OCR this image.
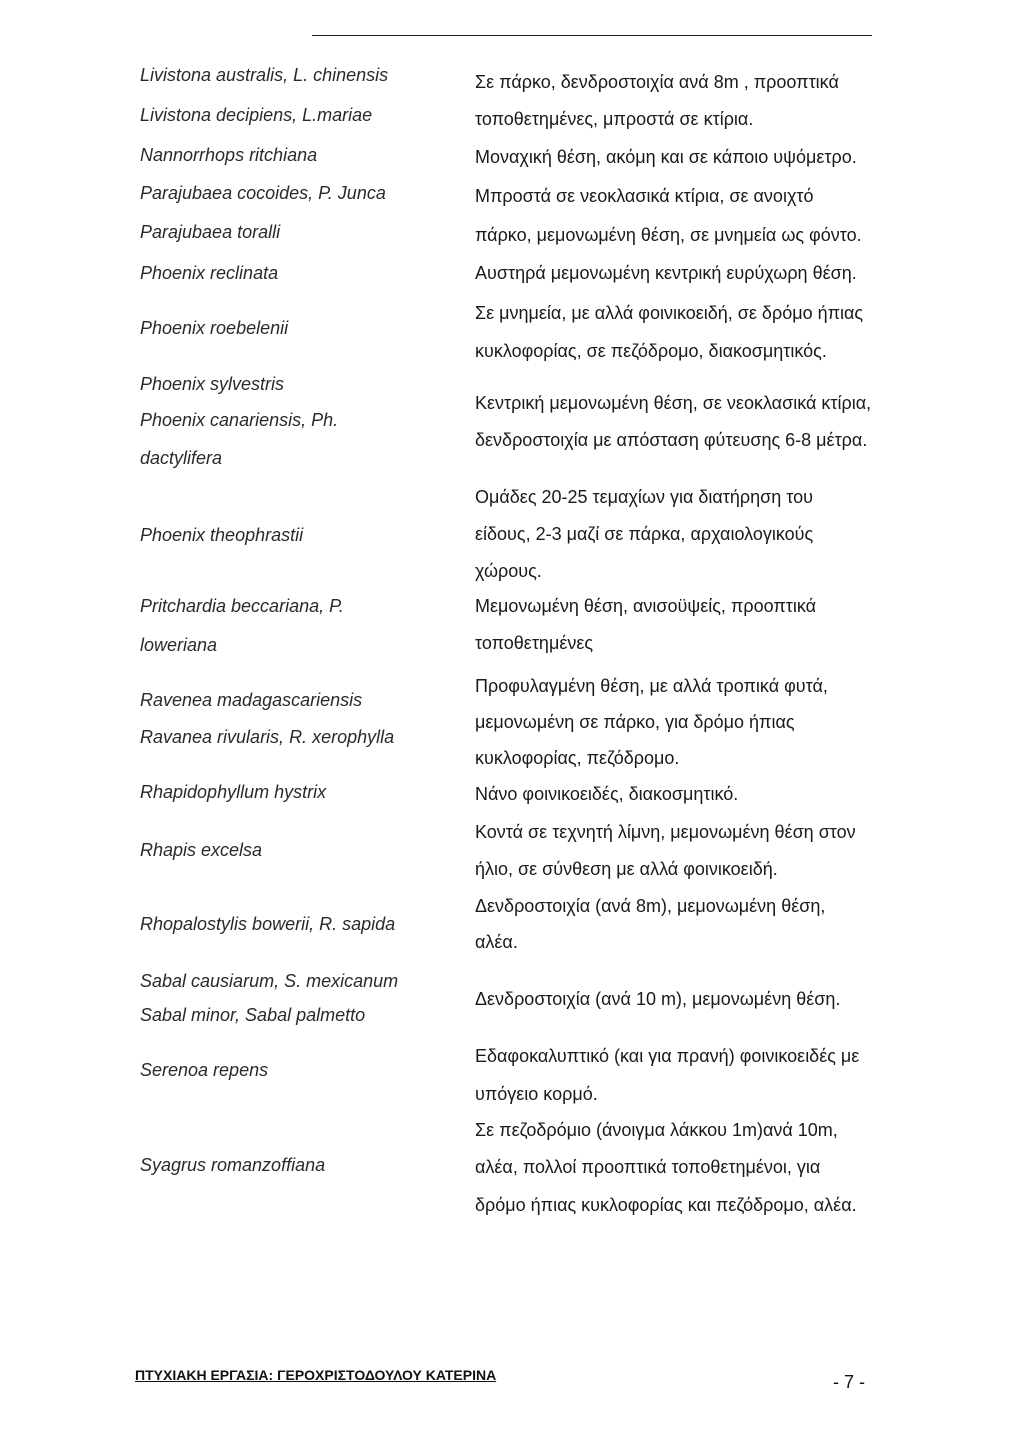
Livistona australis, L. chinensis
Livistona decipiens, L.mariae
Nannorrhops ritchiana
Parajubaea cocoides, P. Junca
Parajubaea toralli
Phoenix reclinata
Phoenix roebelenii
Phoenix sylvestris
Phoenix canariensis, Ph.
dactylifera
Phoenix theophrastii
Pritchardia beccariana, P.
loweriana
Ravenea madagascariensis
Ravanea rivularis, R. xerophylla
Rhapidophyllum hystrix
Rhapis excelsa
Rhopalostylis bowerii, R. sapida
Sabal causiarum, S. mexicanum
Sabal minor, Sabal palmetto
Serenoa repens
Syagrus romanzoffiana
Σε πάρκο, δενδροστοιχία ανά 8m , προοπτικά
τοποθετημένες, μπροστά σε κτίρια.
Μοναχική θέση, ακόμη και σε κάποιο υψόμετρο.
Μπροστά σε νεοκλασικά κτίρια, σε ανοιχτό
πάρκο, μεμονωμένη θέση, σε μνημεία ως φόντο.
Αυστηρά μεμονωμένη κεντρική ευρύχωρη θέση.
Σε μνημεία, με αλλά φοινικοειδή, σε δρόμο ήπιας
κυκλοφορίας, σε πεζόδρομο, διακοσμητικός.
Κεντρική μεμονωμένη θέση, σε νεοκλασικά κτίρια,
δενδροστοιχία με απόσταση φύτευσης 6-8 μέτρα.
Ομάδες 20-25 τεμαχίων για διατήρηση του
είδους, 2-3 μαζί σε πάρκα, αρχαιολογικούς
χώρους.
Μεμονωμένη θέση, ανισοϋψείς, προοπτικά
τοποθετημένες
Προφυλαγμένη θέση, με αλλά τροπικά φυτά,
μεμονωμένη σε πάρκο, για δρόμο ήπιας
κυκλοφορίας, πεζόδρομο.
Νάνο φοινικοειδές, διακοσμητικό.
Κοντά σε τεχνητή λίμνη, μεμονωμένη θέση στον
ήλιο, σε σύνθεση με αλλά φοινικοειδή.
Δενδροστοιχία (ανά 8m), μεμονωμένη θέση,
αλέα.
Δενδροστοιχία (ανά 10 m), μεμονωμένη θέση.
Εδαφοκαλυπτικό (και για πρανή) φοινικοειδές με
υπόγειο κορμό.
Σε πεζοδρόμιο (άνοιγμα λάκκου 1m)ανά 10m,
αλέα, πολλοί προοπτικά τοποθετημένοι, για
δρόμο ήπιας κυκλοφορίας και πεζόδρομο, αλέα.
ΠΤΥΧΙΑΚΗ ΕΡΓΑΣΙΑ: ΓΕΡΟΧΡΙΣΤΟΔΟΥΛΟΥ ΚΑΤΕΡΙΝΑ	- 7 -
